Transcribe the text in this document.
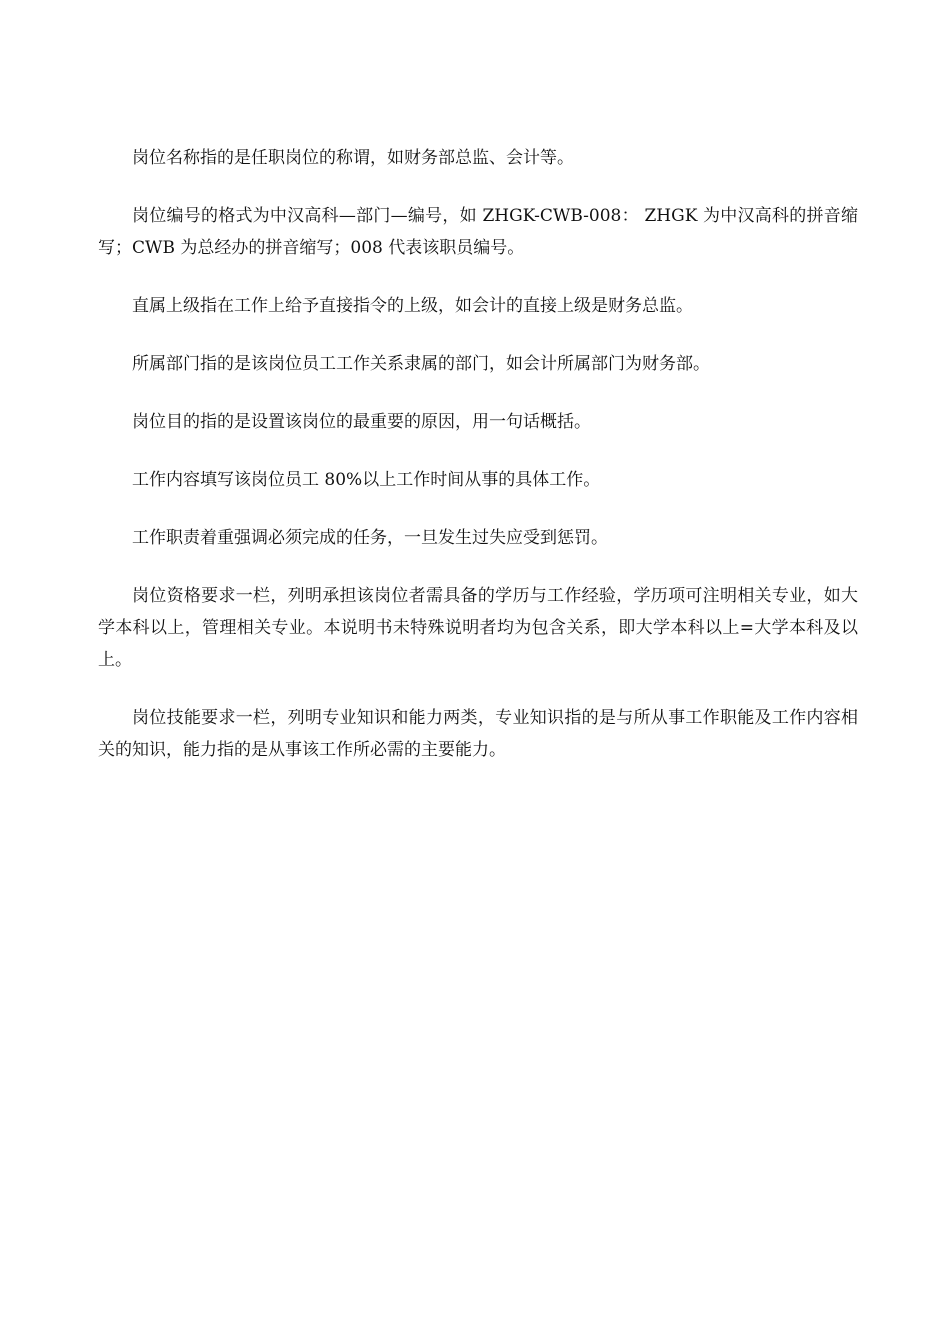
岗位名称指的是任职岗位的称谓，如财务部总监、会计等。

岗位编号的格式为中汉高科—部门—编号，如 ZHGK-CWB-008： ZHGK 为中汉高科的拼音缩写；CWB 为总经办的拼音缩写；008 代表该职员编号。

直属上级指在工作上给予直接指令的上级，如会计的直接上级是财务总监。

所属部门指的是该岗位员工工作关系隶属的部门，如会计所属部门为财务部。

岗位目的指的是设置该岗位的最重要的原因，用一句话概括。

工作内容填写该岗位员工 80%以上工作时间从事的具体工作。

工作职责着重强调必须完成的任务，一旦发生过失应受到惩罚。

岗位资格要求一栏，列明承担该岗位者需具备的学历与工作经验，学历项可注明相关专业，如大学本科以上，管理相关专业。本说明书未特殊说明者均为包含关系，即大学本科以上=大学本科及以上。

岗位技能要求一栏，列明专业知识和能力两类，专业知识指的是与所从事工作职能及工作内容相关的知识，能力指的是从事该工作所必需的主要能力。
